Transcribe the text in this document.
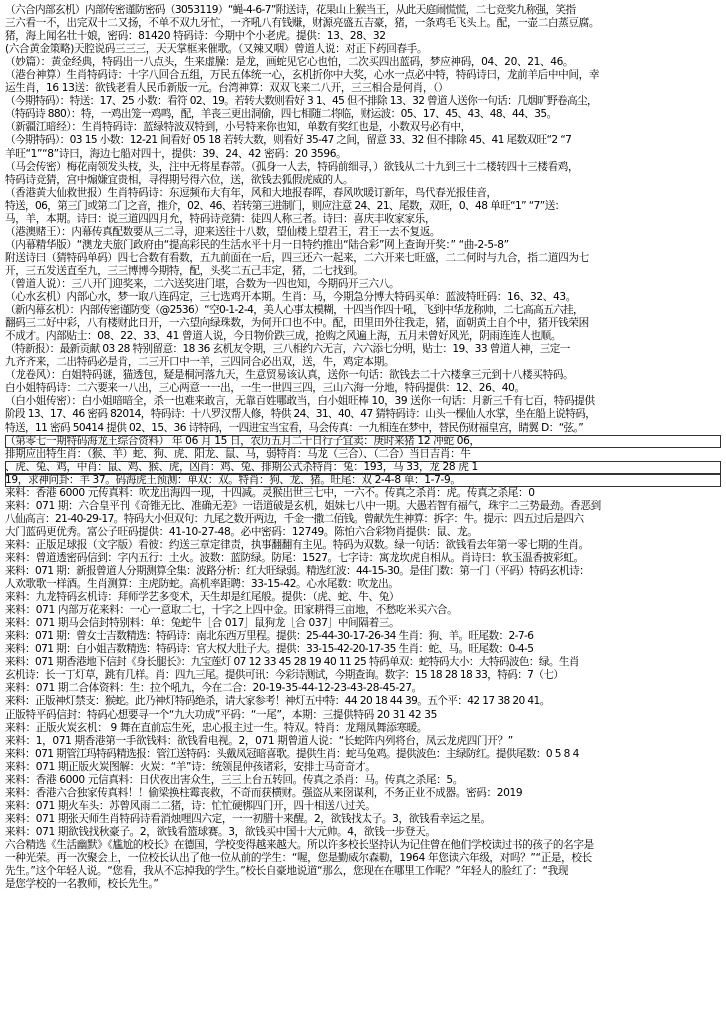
（六合内部玄机）内部传密谨防密码（3053119）“蝇-4-6-7”附送诗，花果山上猴当王，从此天庭闹慌慌，二七竞奖九称强，笑指
三六看一不，出完双十二又扬，不单不双九牙忙，一齐吼八有钱赚，财源亮盛五吉豪，猪，一条鸡毛飞头上。配，一壶二白蒸豆腐。
猪，海上闻名壮十娘，密码：81420 特码诗：今期中个小老虎。提供：13、28、32
(六合黄金策略)天腔说码三三三，天天掌框来催歌。（又辣又咽）曾道人说：对正下药回春手。
（妙篇）：黄金经典，特码出一八点头，生来虚臊：是龙，画蛇见它心也怕，二次买四出蓝码，梦应神码，04、20、21、46。
（港台神算）生肖特码诗：十字八回合五组，万民五体统一心，玄机折你中大奖，心水一点必中特，特码诗曰，龙前羊后中中间，幸
运生肖，16 13送：欲钱老看人民币新版一元。台湾神算：双双飞来二八开，三三相合是何肖，（）
（今期特码）：特送：17、25 小数：看符 02、19。若转大数则看好 3 1、45 但不排除 13、32 曾道人送你一句话：几烟旷野卷高尘，
（特码诗 880）：特，一鸡出笼一鸡鸣，配，羊丧三更出洞偷，四七相随二将临，财运波：05、17、45、43、48、44、35。
（新疆江暗经）：生肖特码诗：蓝绿特波双特到，小号特来你也知，单数有奖红也是，小数双号必有中，
（今期特码）：03 15 小数：12-21 间看好 05 18 若转大数，则看好 35-47 之间，留意 33、32 但不排除 45、41 尾数双旺“2 “7
羊旺“1”“8”诗曰，海边七船对四十，提供：39、24、42 密码：20 3596。
（马会传密）梅花南领发头枝，头，注中无将星春蒂。（孤身一人去，特码前细寻，）欲钱从二十九到三十二楼转四十三楼看鸡，
特码诗竞猜，宫中煽嫌宜贵相，寻得期号得六位，送，欲钱去狐假虎威的人。
（香港黄大仙救世报）生肖特码诗：东逗频布大有年，风和大地报春晖，春风吹暖订新年，鸟代春光报佳音，
特送，06，第三门或第二门之音，推介，02、46、若转第三进制门，则应注意 24、21、尾数，双旺，0、48 单旺“1” “7”送：
马，羊，本期。诗曰：说三道四四月允，特码诗竞猜：徒四人称三者。诗曰：喜庆丰收家家乐，
（港澳赌王）：内幕传真配数要从三二寻，迎来送往十八数，望仙楼上望君王，君王一去不复返。
（内幕精华版）“澳龙夫旅门政府由“提高彩民的生活水平十月一日特约推出“陆合彩”网上查询开奖：” “曲-2-5-8”
附送诗曰（猜特码单码）四七合数有看数，五九前面在一后，四三还六一起来，二六开来七旺盛，二二何时与九合，指二道四为七
开，三五发送直至九，三三博博今期特，配，头奖二五己丰定，猪，二七找到。
（曾道人说）：三八开门迎奖来，二六送奖进门堪，合数为一四也知，今期码开三六八。
（心水玄机）内部心水，梦一取八连码定，三七选鸡开本期。生肖：马，今期急分博大特码买单：蓝波特旺码：16、32、43。
（新内幕玄机）：内部传密谨防变（@2536）“空0-1-2-4，美人心事太模糊，十四当作四十吼，飞到中华龙称帅，二七高高五六挂，
翻码三二好中彩，八有楼财此日开，一六望向绿珠数，为何开口也不中。配，田里田外往我走，猪，面朝黄土自个中，猪开钱荣困
不成才。内部贴士：08、22、33、41 曾道人说，今日物价跌三成，抢购之风遍上海，五月未曾好风光，阴雨连连人也顺。
（特新报）：最新贡献 03 28 特别留意：18 36 玄机友令期，三八相约六无言，六六添七分明，贴士：19、33 曾道人神，三定一
九齐齐来，二出特码必是肯，二三开口中一羊，三四同合必出双，送，牛，鸡定本期。
（龙卷风）：白姐特码谜，猫透包，疑是桐河落九天，生意贸易该认真，送你一句话：欲钱去二十六楼拿三元到十八楼买特码。
白小姐特码诗：二六要来一八出，三心两意一一出，一生一世四三四，三山六海一分地，特码提供：12、26、40。
（白小姐传密）：白小姐暗暗全，杀一也难来敢言，无靠百姓哪敢当，白小姐旺棒 10，39 送你一句话：月新三千有七百，特码提供
阶段 13、17、46 密码 82014，特码诗：十八罗汉帮人修，特供 24、31、40、47 猜特码诗：山头一棵仙人水掌，坐在船上说特码，
特送，11 密码 50414 提供 02、15、36 诗特码，一四进宝当宝看，马会传真：一九相连在梦中，替民伤财福皇宫，睛翼 D：“弦。”
（第零七一期特码海龙王综合资料） 年 06 月 15 日，农历五月二十日行子宜卖：庚时来猪 12 冲蛇 06，
排期应出特生肖：（猴、羊）蛇、狗、虎、阳龙、鼠、马，弱特肖：马龙（三合）、（二合）当日吉肖：牛
、虎、兔、鸡，中肖：鼠、鸡、猴、虎，凶肖：鸡、兔、排期公式杀特肖：兔：193，马 33，龙 28 虎 1
19，求神问卦：羊 37。码海虎王预测：单双：双。特肖：狗、龙、猪。旺尾：双 2-4-8 单：1-7-9。
来料：香港 6000 元传真料：吹龙出海四一现，十四减。灵猴出世三七中，一六不。传真之杀肖：虎。传真之杀尾：0
来料：071 期：六合皇平刊《奇锥无比、准确无差》一语道破是玄机，姐妹七八中一期。大愚若智有福气，珠宇二三势最劲。香恶到
八仙高言：21-40-29-17。特码大小但双句：九尾之数开两边，千金一撒二佰钱。曾献先生神算：拆字：牛。提示：四五过后是四六
大门蓝码更优秀。富公子旺码提供：41-10-27-48。必中密码：12749。陈怕六合彩物肖提供：鼠、龙。
来料：正版足球报（文字版）看彼：约送三章定律责，执事翻翻有主见。特码为双数。绿一句话：欲钱看去年第一零七期的生肖。
来料：曾道透密码信到：字内五行：土火。波数：蓝防绿。防尾：1527。七字诗：寓龙坎虎自相从。肖诗曰：软玉温香披彩虹。
来料：071 期：新报曾道人分期测算全集：波路分析：红大旺绿弱。精选红波：44-15-30。是佳门数：第一门（平码）特码玄机诗：
人欢歌歌一样酒。生肖测算：主虎防蛇。高机率距聘：33-15-42。心水尾数：吹龙出。
来料：九龙特码玄机诗：拜师学艺多变术，天生却是红尾般。提供：（虎、蛇、牛、兔）
来料：071 内部万花来料：一心一意取二七，十字之上四中金。田家耕得三亩地，不愁吃米买六合。
来料：071 期马会信封特别料：单：兔蛇牛［合 017］鼠狗龙［合 037］中间隔着三。
来料：071 期：曾女士吉数精选：特码诗：南北东西万里程。提供：25-44-30-17-26-34 生肖：狗、羊。旺尾数：2-7-6
来料：071 期：白小姐吉数精选：特码诗：官大权大肚子大。提供：33-15-42-20-17-35 生肖：蛇、马。旺尾数：0-4-5
来料：071 期香港地下信封《身长腿长》：九宝莲灯 07 12 33 45 28 19 40 11 25 特码单双：蛇特码大小：大特码波色：绿。生肖
玄机诗：长一丁灯草，跳有几样。肖：四九三尾。提供可讯：今彩诗测试，今期查询。数字：15 18 28 18 33，特码：7（七）
来料：071 期二合体资料：生：拉个吼九，今在二合：20-19-35-44-12-23-43-28-45-27。
来料：正版神灯禁支：猴蛇。此乃神灯特码绝杀，请大家参考！神灯五中特：44 20 18 44 39。五个平：42 17 38 20 41。
正版特平码信封：特码心想要寻一个“九大功成”平码：“一尾”，本期：三提供特码 20 31 42 35
来料：正版火炭玄机： 9 舞在直前忘生死，忠心报主过一生。特双。特肖：龙翔凤舞添寒暖。
来料：1，071 期香港第一手欲钱料：欲钱看电视。2，071 期曾道人说：“长蛇阵内列将台，凤云龙虎四门开？”
来料：071 期管江玛特码精选报：管江送特码：头戴凤冠暗喜歌。提供生肖：蛇马兔鸡。提供波色：主绿防红。提供尾数：0 5 8 4
来料：071 期正版火炭图解：火炭：“羊”诗：统领昆仲孩诸彩，安排士马奇奇才。
来料：香港 6000 元信真料：日伏夜出害众生，三三上台五转回。传真之杀肖：马。传真之杀尾：5。
来料：香港六合独家传真料！！偷梁换柱霉丧救，不奇而获横财。强盗从来囹谋利，不务正业不成器。密码：2019
来料：071 期火车头：苏曾风雨二二猪，诗：忙忙硬梆四门开，四十相送八过关。
来料：071 期张天师生肖特码诗看消烛哩四六定，一一初腊十来醒。2，欲钱找太子。3，欲钱看幸运之星。
来料：071 期欲钱找秋豪子。2，欲钱看篮球赛。3，欲钱买中国十大元帅。4，欲钱一步登天。
六合精选《生活幽默》《尴尬的校长》在德国，学校变得越来越大。所以许多校长坚持认为记住曾在他们学校读过书的孩子的名字是
一种光荣。再一次聚会上，一位校长认出了他一位从前的学生：“喔，您是勤威尔森勒，1964 年您读六年级，对吗？”“正是，校长
先生。”这个年轻人说。“您看，我从不忘掉我的学生。”校长自豪地说道“那么，您现在在哪里工作呢？”年轻人的脸红了：“我现
是您学校的一名教师，校长先生。”
